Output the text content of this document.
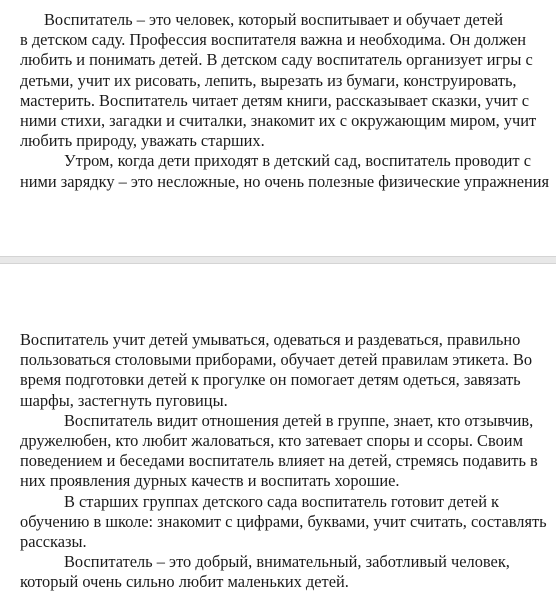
Воспитатель – это человек, который воспитывает и обучает детей
в детском саду. Профессия воспитателя важна и необходима. Он должен
любить и понимать детей. В детском саду воспитатель организует игры с
детьми, учит их рисовать, лепить, вырезать из бумаги, конструировать,
мастерить. Воспитатель читает детям книги, рассказывает сказки, учит с
ними стихи, загадки и считалки, знакомит их с окружающим миром, учит
любить природу, уважать старших.
Утром, когда дети приходят в детский сад, воспитатель проводит с
ними зарядку – это несложные, но очень полезные физические упражнения
Воспитатель учит детей умываться, одеваться и раздеваться, правильно
пользоваться столовыми приборами, обучает детей правилам этикета. Во
время подготовки детей к прогулке он помогает детям одеться, завязать
шарфы, застегнуть пуговицы.
Воспитатель видит отношения детей в группе, знает, кто отзывчив,
дружелюбен, кто любит жаловаться, кто затевает споры и ссоры. Своим
поведением и беседами воспитатель влияет на детей, стремясь подавить в
них проявления дурных качеств и воспитать хорошие.
В старших группах детского сада воспитатель готовит детей к
обучению в школе: знакомит с цифрами, буквами, учит считать, составлять
рассказы.
Воспитатель – это добрый, внимательный, заботливый человек,
который очень сильно любит маленьких детей.
